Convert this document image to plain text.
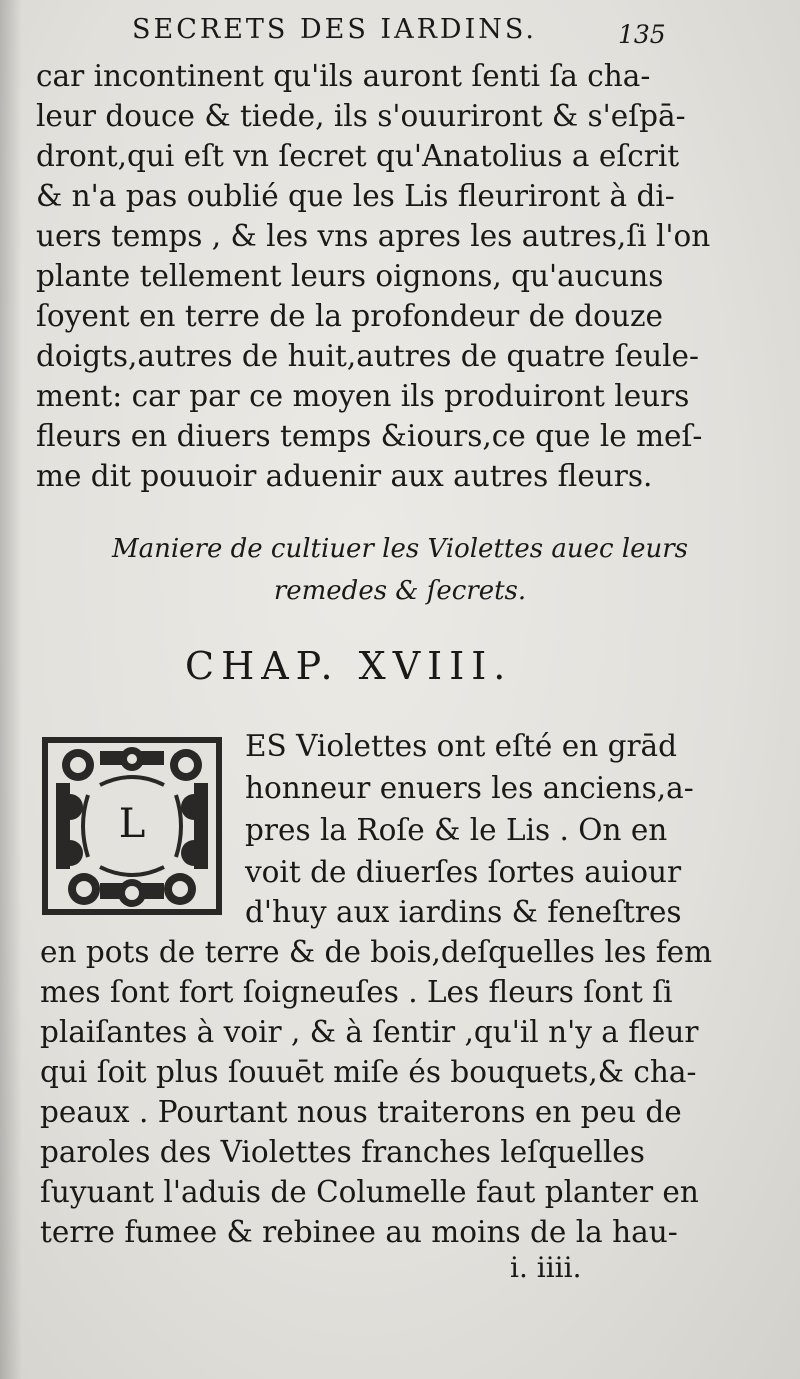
SECRETS DES IARDINS.	135
car incontinent qu'ils auront ſenti ſa cha-
leur douce & tiede, ils s'ouuriront & s'eſpā-
dront,qui eſt vn ſecret qu'Anatolius a eſcrit
& n'a pas oublié que les Lis fleuriront à di-
uers temps , & les vns apres les autres,ſi l'on
plante tellement leurs oignons, qu'aucuns
ſoyent en terre de la profondeur de douze
doigts,autres de huit,autres de quatre ſeule-
ment: car par ce moyen ils produiront leurs
fleurs en diuers temps &iours,ce que le meſ-
me dit pouuoir aduenir aux autres fleurs.
Maniere de cultiuer les Violettes auec leurs
remedes & ſecrets.
CHAP. XVIII.
L
ES Violettes ont eſté en grād
honneur enuers les anciens,a-
pres la Roſe & le Lis . On en
voit de diuerſes ſortes auiour
d'huy aux iardins & feneſtres
en pots de terre & de bois,deſquelles les fem
mes ſont fort ſoigneuſes . Les fleurs ſont ſi
plaiſantes à voir , & à ſentir ,qu'il n'y a fleur
qui ſoit plus ſouuēt miſe és bouquets,& cha-
peaux . Pourtant nous traiterons en peu de
paroles des Violettes franches leſquelles
ſuyuant l'aduis de Columelle faut planter en
terre fumee & rebinee au moins de la hau-
i. iiii.
